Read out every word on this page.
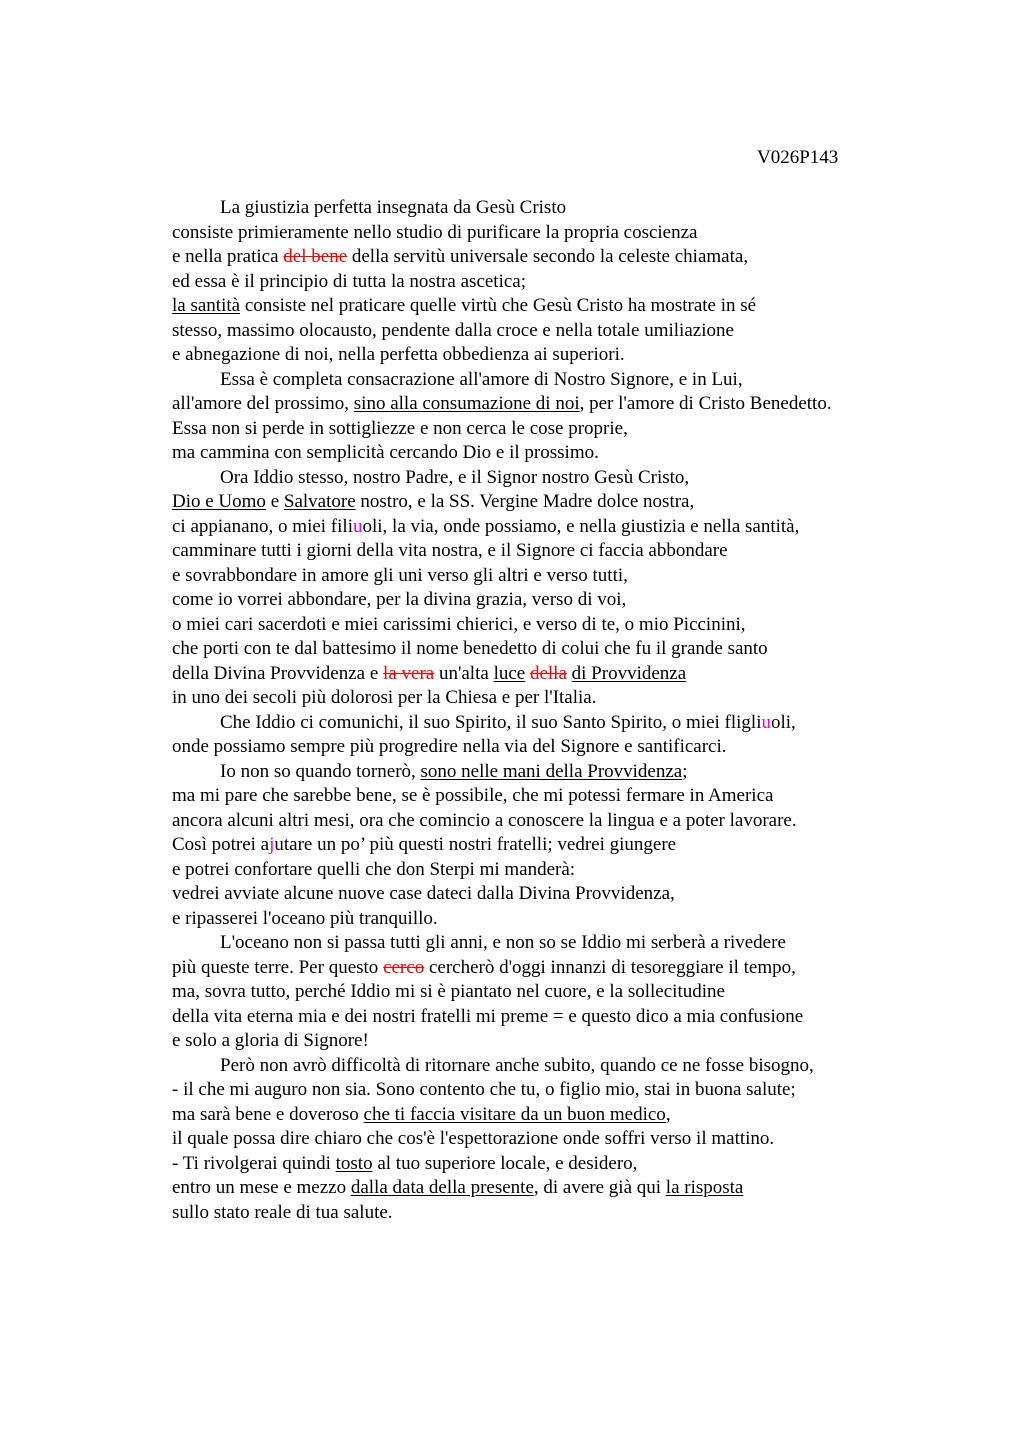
V026P143
La giustizia perfetta insegnata da Gesù Cristo
consiste primieramente nello studio di purificare la propria coscienza
e nella pratica del bene della servitù universale secondo la celeste chiamata,
ed essa è il principio di tutta la nostra ascetica;
la santità consiste nel praticare quelle virtù che Gesù Cristo ha mostrate in sé
stesso, massimo olocausto, pendente dalla croce e nella totale umiliazione
e abnegazione di noi, nella perfetta obbedienza ai superiori.
Essa è completa consacrazione all'amore di Nostro Signore, e in Lui,
all'amore del prossimo, sino alla consumazione di noi, per l'amore di Cristo Benedetto.
Essa non si perde in sottigliezze e non cerca le cose proprie,
ma cammina con semplicità cercando Dio e il prossimo.
Ora Iddio stesso, nostro Padre, e il Signor nostro Gesù Cristo,
Dio e Uomo e Salvatore nostro, e la SS. Vergine Madre dolce nostra,
ci appianano, o miei filiuoli, la via, onde possiamo, e nella giustizia e nella santità,
camminare tutti i giorni della vita nostra, e il Signore ci faccia abbondare
e sovrabbondare in amore gli uni verso gli altri e verso tutti,
come io vorrei abbondare, per la divina grazia, verso di voi,
o miei cari sacerdoti e miei carissimi chierici, e verso di te, o mio Piccinini,
che porti con te dal battesimo il nome benedetto di colui che fu il grande santo
della Divina Provvidenza e la vera un'alta luce della di Provvidenza
in uno dei secoli più dolorosi per la Chiesa e per l'Italia.
Che Iddio ci comunichi, il suo Spirito, il suo Santo Spirito, o miei fligliuoli,
onde possiamo sempre più progredire nella via del Signore e santificarci.
Io non so quando tornerò, sono nelle mani della Provvidenza;
ma mi pare che sarebbe bene, se è possibile, che mi potessi fermare in America
ancora alcuni altri mesi, ora che comincio a conoscere la lingua e a poter lavorare.
Così potrei ajutare un po’ più questi nostri fratelli; vedrei giungere
e potrei confortare quelli che don Sterpi mi manderà:
vedrei avviate alcune nuove case dateci dalla Divina Provvidenza,
e ripasserei l'oceano più tranquillo.
L'oceano non si passa tutti gli anni, e non so se Iddio mi serberà a rivedere
più queste terre. Per questo cerco cercherò d'oggi innanzi di tesoreggiare il tempo,
ma, sovra tutto, perché Iddio mi si è piantato nel cuore, e la sollecitudine
della vita eterna mia e dei nostri fratelli mi preme = e questo dico a mia confusione
e solo a gloria di Signore!
Però non avrò difficoltà di ritornare anche subito, quando ce ne fosse bisogno,
- il che mi auguro non sia. Sono contento che tu, o figlio mio, stai in buona salute;
ma sarà bene e doveroso che ti faccia visitare da un buon medico,
il quale possa dire chiaro che cos'è l'espettorazione onde soffri verso il mattino.
- Ti rivolgerai quindi tosto al tuo superiore locale, e desidero,
entro un mese e mezzo dalla data della presente, di avere già qui la risposta
sullo stato reale di tua salute.
